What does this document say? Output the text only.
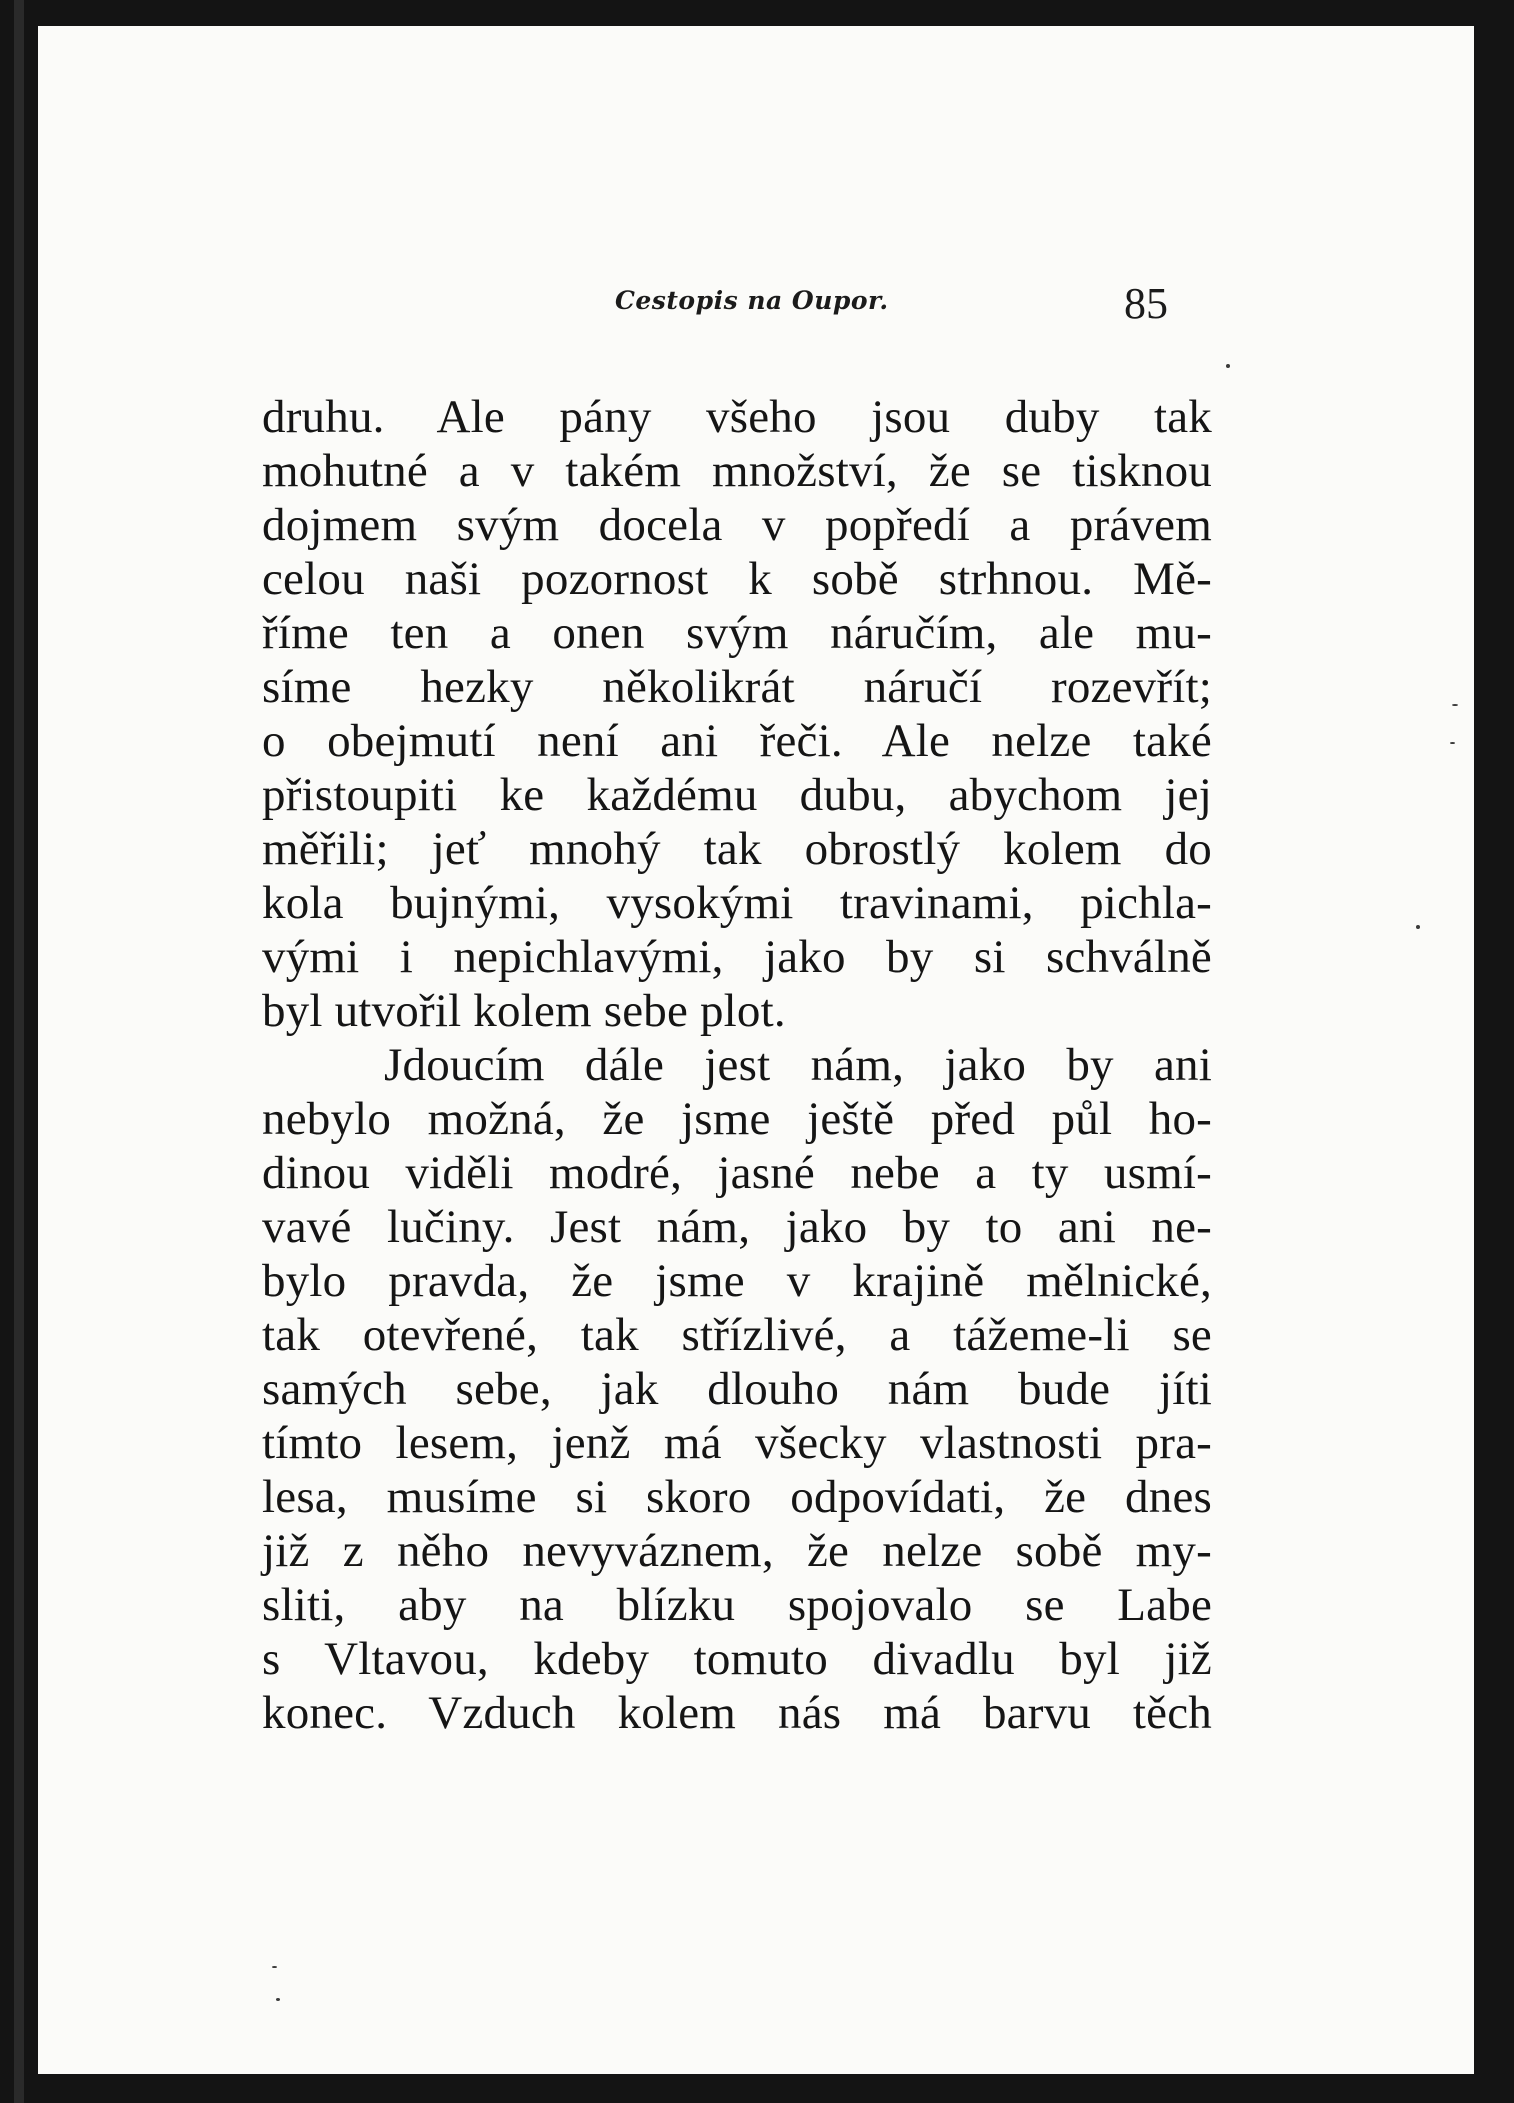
Cestopis na Oupor.	85
druhu. Ale pány všeho jsou duby tak
mohutné a v takém množství, že se tisknou
dojmem svým docela v popředí a právem
celou naši pozornost k sobě strhnou. Mě-
říme ten a onen svým náručím, ale mu-
síme hezky několikrát náručí rozevřít;
o obejmutí není ani řeči. Ale nelze také
přistoupiti ke každému dubu, abychom jej
měřili; jeť mnohý tak obrostlý kolem do
kola bujnými, vysokými travinami, pichla-
vými i nepichlavými, jako by si schválně
byl utvořil kolem sebe plot.
Jdoucím dále jest nám, jako by ani
nebylo možná, že jsme ještě před půl ho-
dinou viděli modré, jasné nebe a ty usmí-
vavé lučiny. Jest nám, jako by to ani ne-
bylo pravda, že jsme v krajině mělnické,
tak otevřené, tak střízlivé, a tážeme-li se
samých sebe, jak dlouho nám bude jíti
tímto lesem, jenž má všecky vlastnosti pra-
lesa, musíme si skoro odpovídati, že dnes
již z něho nevyváznem, že nelze sobě my-
sliti, aby na blízku spojovalo se Labe
s Vltavou, kdeby tomuto divadlu byl již
konec. Vzduch kolem nás má barvu těch
